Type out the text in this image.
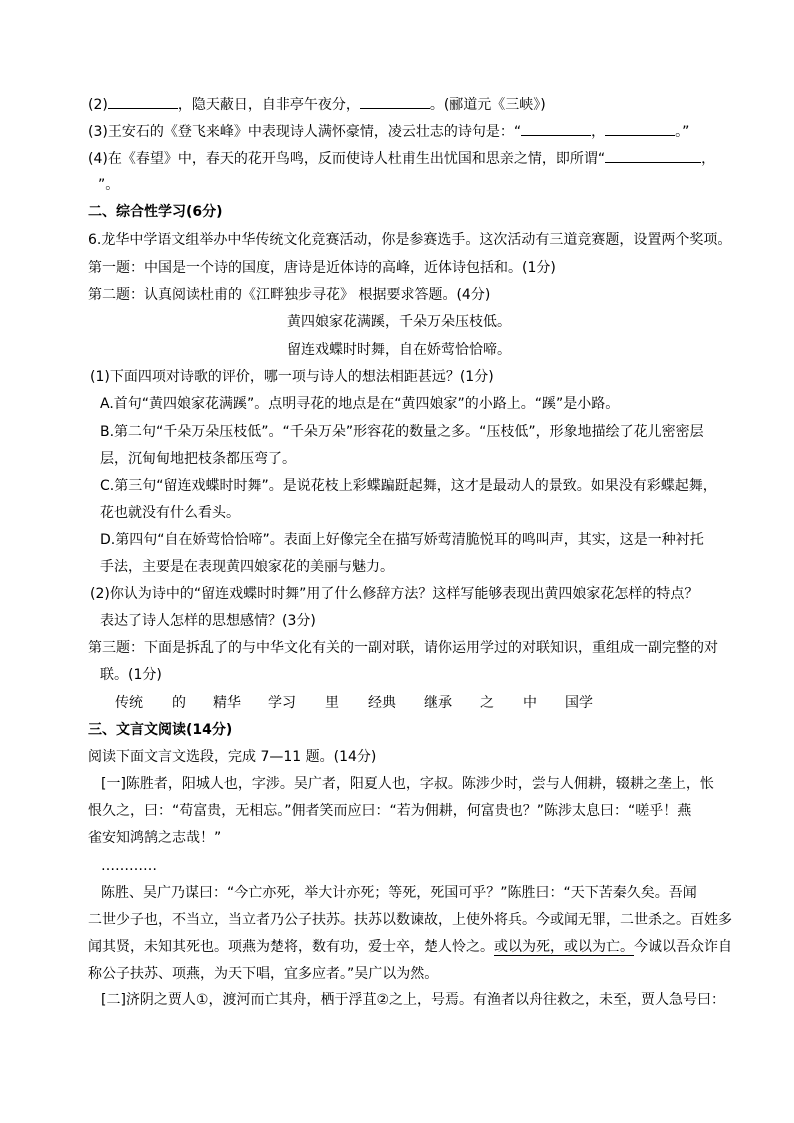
(2)	，隐天蔽日，自非亭午夜分，	。(郦道元《三峡》)
(3)王安石的《登飞来峰》中表现诗人满怀豪情，凌云壮志的诗句是：“	，	。”
(4)在《春望》中，春天的花开鸟鸣，反而使诗人杜甫生出忧国和思亲之情，即所谓“	，
”。
二、综合性学习(6分)
6.龙华中学语文组举办中华传统文化竞赛活动，你是参赛选手。这次活动有三道竞赛题，设置两个奖项。
第一题：中国是一个诗的国度，唐诗是近体诗的高峰，近体诗包括和。(1分)
第二题：认真阅读杜甫的《江畔独步寻花》 根据要求答题。(4分)
黄四娘家花满蹊，千朵万朵压枝低。
留连戏蝶时时舞，自在娇莺恰恰啼。
(1)下面四项对诗歌的评价，哪一项与诗人的想法相距甚远？(1分)
A.首句“黄四娘家花满蹊”。点明寻花的地点是在“黄四娘家”的小路上。“蹊”是小路。
B.第二句“千朵万朵压枝低”。“千朵万朵”形容花的数量之多。“压枝低”，形象地描绘了花儿密密层
层，沉甸甸地把枝条都压弯了。
C.第三句“留连戏蝶时时舞”。是说花枝上彩蝶蹁跹起舞，这才是最动人的景致。如果没有彩蝶起舞，
花也就没有什么看头。
D.第四句“自在娇莺恰恰啼”。表面上好像完全在描写娇莺清脆悦耳的鸣叫声，其实，这是一种衬托
手法，主要是在表现黄四娘家花的美丽与魅力。
(2)你认为诗中的“留连戏蝶时时舞”用了什么修辞方法？这样写能够表现出黄四娘家花怎样的特点？
表达了诗人怎样的思想感情？(3分)
第三题：下面是拆乱了的与中华文化有关的一副对联，请你运用学过的对联知识，重组成一副完整的对
联。(1分)
三、文言文阅读(14分)
阅读下面文言文选段，完成 7—11 题。(14分)
[一]陈胜者，阳城人也，字涉。吴广者，阳夏人也，字叔。陈涉少时，尝与人佣耕，辍耕之垄上，怅
恨久之，曰：“苟富贵，无相忘。”佣者笑而应曰：“若为佣耕，何富贵也？”陈涉太息曰：“嗟乎！燕
雀安知鸿鹄之志哉！”
…………
陈胜、吴广乃谋曰：“今亡亦死，举大计亦死；等死，死国可乎？”陈胜曰：“天下苦秦久矣。吾闻
二世少子也，不当立，当立者乃公子扶苏。扶苏以数谏故，上使外将兵。今或闻无罪，二世杀之。百姓多
闻其贤，未知其死也。项燕为楚将，数有功，爱士卒，楚人怜之。或以为死，或以为亡。今诚以吾众诈自
称公子扶苏、项燕，为天下唱，宜多应者。”吴广以为然。
[二]济阴之贾人①，渡河而亡其舟，栖于浮苴②之上，号焉。有渔者以舟往救之，未至，贾人急号曰：
传统 的 精华 学习 里 经典 继承 之 中 国学
